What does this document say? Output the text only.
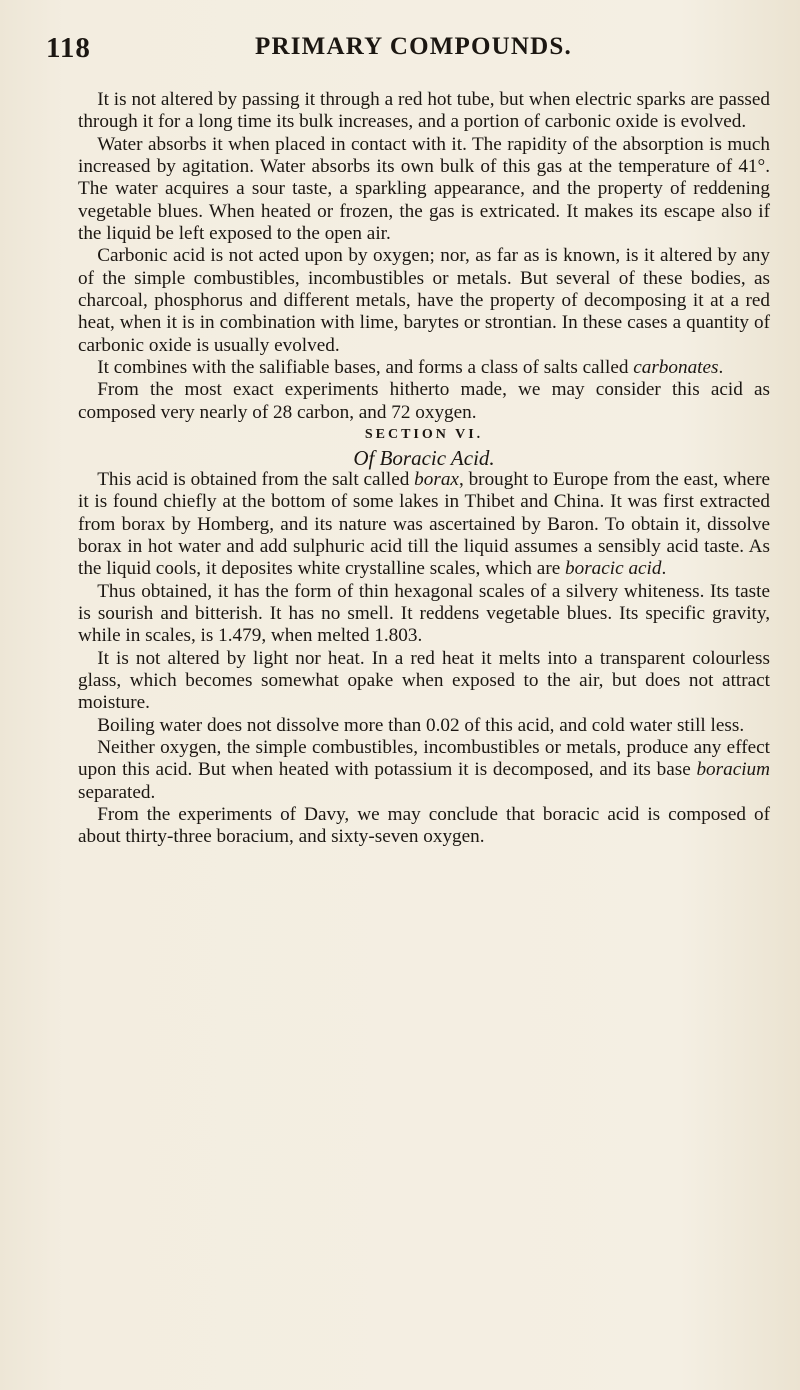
118	PRIMARY COMPOUNDS.

It is not altered by passing it through a red hot tube, but when electric sparks are passed through it for a long time its bulk increases, and a portion of carbonic oxide is evolved.

Water absorbs it when placed in contact with it. The rapidity of the absorption is much increased by agitation. Water absorbs its own bulk of this gas at the temperature of 41°. The water acquires a sour taste, a sparkling appearance, and the property of reddening vegetable blues. When heated or frozen, the gas is extricated. It makes its escape also if the liquid be left exposed to the open air.

Carbonic acid is not acted upon by oxygen; nor, as far as is known, is it altered by any of the simple combustibles, incombustibles or metals. But several of these bodies, as charcoal, phosphorus and different metals, have the property of decomposing it at a red heat, when it is in combination with lime, barytes or strontian. In these cases a quantity of carbonic oxide is usually evolved.

It combines with the salifiable bases, and forms a class of salts called carbonates.

From the most exact experiments hitherto made, we may consider this acid as composed very nearly of 28 carbon, and 72 oxygen.

SECTION VI.

Of Boracic Acid.

This acid is obtained from the salt called borax, brought to Europe from the east, where it is found chiefly at the bottom of some lakes in Thibet and China. It was first extracted from borax by Homberg, and its nature was ascertained by Baron. To obtain it, dissolve borax in hot water and add sulphuric acid till the liquid assumes a sensibly acid taste. As the liquid cools, it deposites white crystalline scales, which are boracic acid.

Thus obtained, it has the form of thin hexagonal scales of a silvery whiteness. Its taste is sourish and bitterish. It has no smell. It reddens vegetable blues. Its specific gravity, while in scales, is 1.479, when melted 1.803.

It is not altered by light nor heat. In a red heat it melts into a transparent colourless glass, which becomes somewhat opake when exposed to the air, but does not attract moisture.

Boiling water does not dissolve more than 0.02 of this acid, and cold water still less.

Neither oxygen, the simple combustibles, incombustibles or metals, produce any effect upon this acid. But when heated with potassium it is decomposed, and its base boracium separated.

From the experiments of Davy, we may conclude that boracic acid is composed of about thirty-three boracium, and sixty-seven oxygen.
